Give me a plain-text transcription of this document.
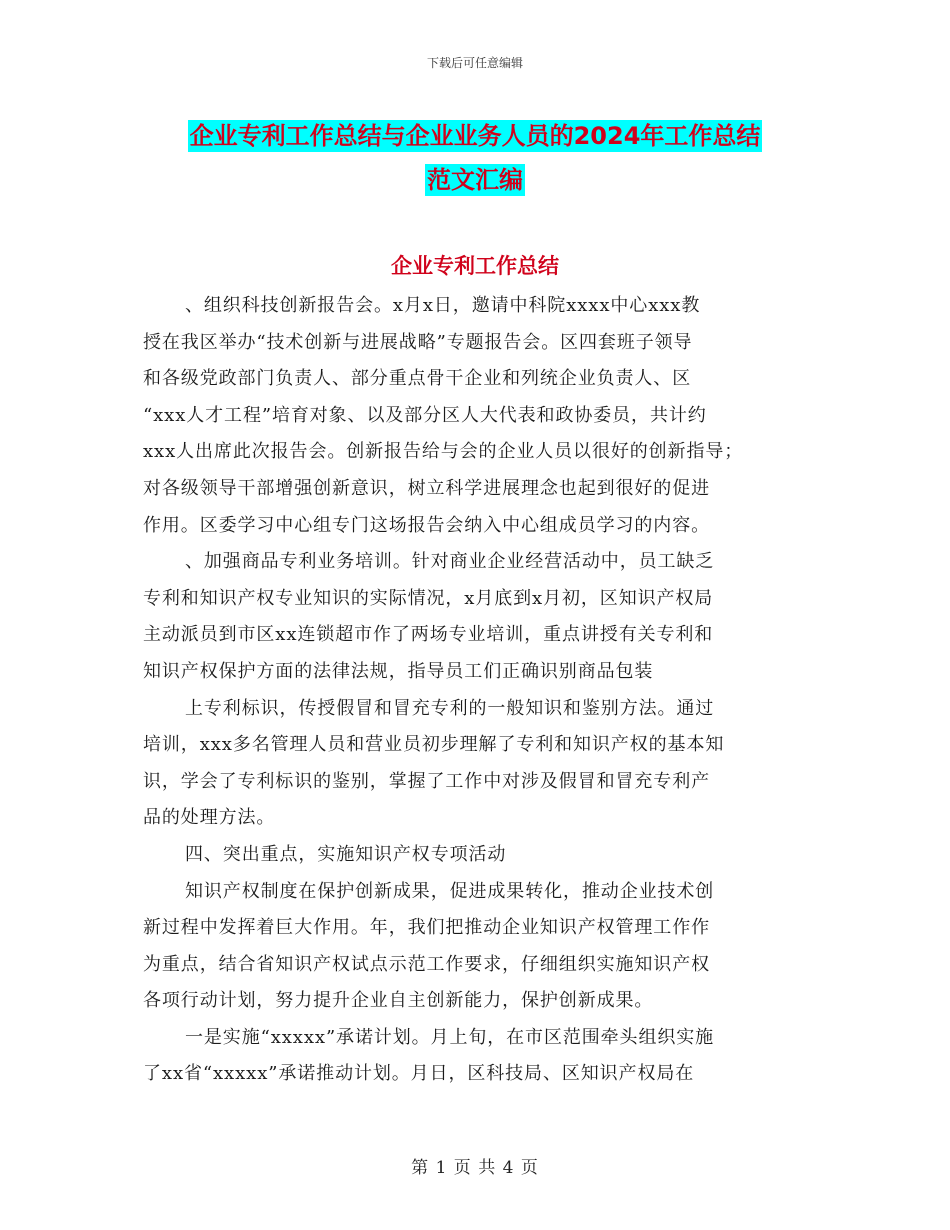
下载后可任意编辑
企业专利工作总结与企业业务人员的2024年工作总结
范文汇编
企业专利工作总结
、组织科技创新报告会。x月x日，邀请中科院xxxx中心xxx教
授在我区举办“技术创新与进展战略”专题报告会。区四套班子领导
和各级党政部门负责人、部分重点骨干企业和列统企业负责人、区
“xxx人才工程”培育对象、以及部分区人大代表和政协委员，共计约
xxx人出席此次报告会。创新报告给与会的企业人员以很好的创新指导；
对各级领导干部增强创新意识，树立科学进展理念也起到很好的促进
作用。区委学习中心组专门这场报告会纳入中心组成员学习的内容。
、加强商品专利业务培训。针对商业企业经营活动中，员工缺乏
专利和知识产权专业知识的实际情况，x月底到x月初，区知识产权局
主动派员到市区xx连锁超市作了两场专业培训，重点讲授有关专利和
知识产权保护方面的法律法规，指导员工们正确识别商品包装
上专利标识，传授假冒和冒充专利的一般知识和鉴别方法。通过
培训，xxx多名管理人员和营业员初步理解了专利和知识产权的基本知
识，学会了专利标识的鉴别，掌握了工作中对涉及假冒和冒充专利产
品的处理方法。
四、突出重点，实施知识产权专项活动
知识产权制度在保护创新成果，促进成果转化，推动企业技术创
新过程中发挥着巨大作用。年，我们把推动企业知识产权管理工作作
为重点，结合省知识产权试点示范工作要求，仔细组织实施知识产权
各项行动计划，努力提升企业自主创新能力，保护创新成果。
一是实施“xxxxx”承诺计划。月上旬，在市区范围牵头组织实施
了xx省“xxxxx”承诺推动计划。月日，区科技局、区知识产权局在
第 1 页 共 4 页
